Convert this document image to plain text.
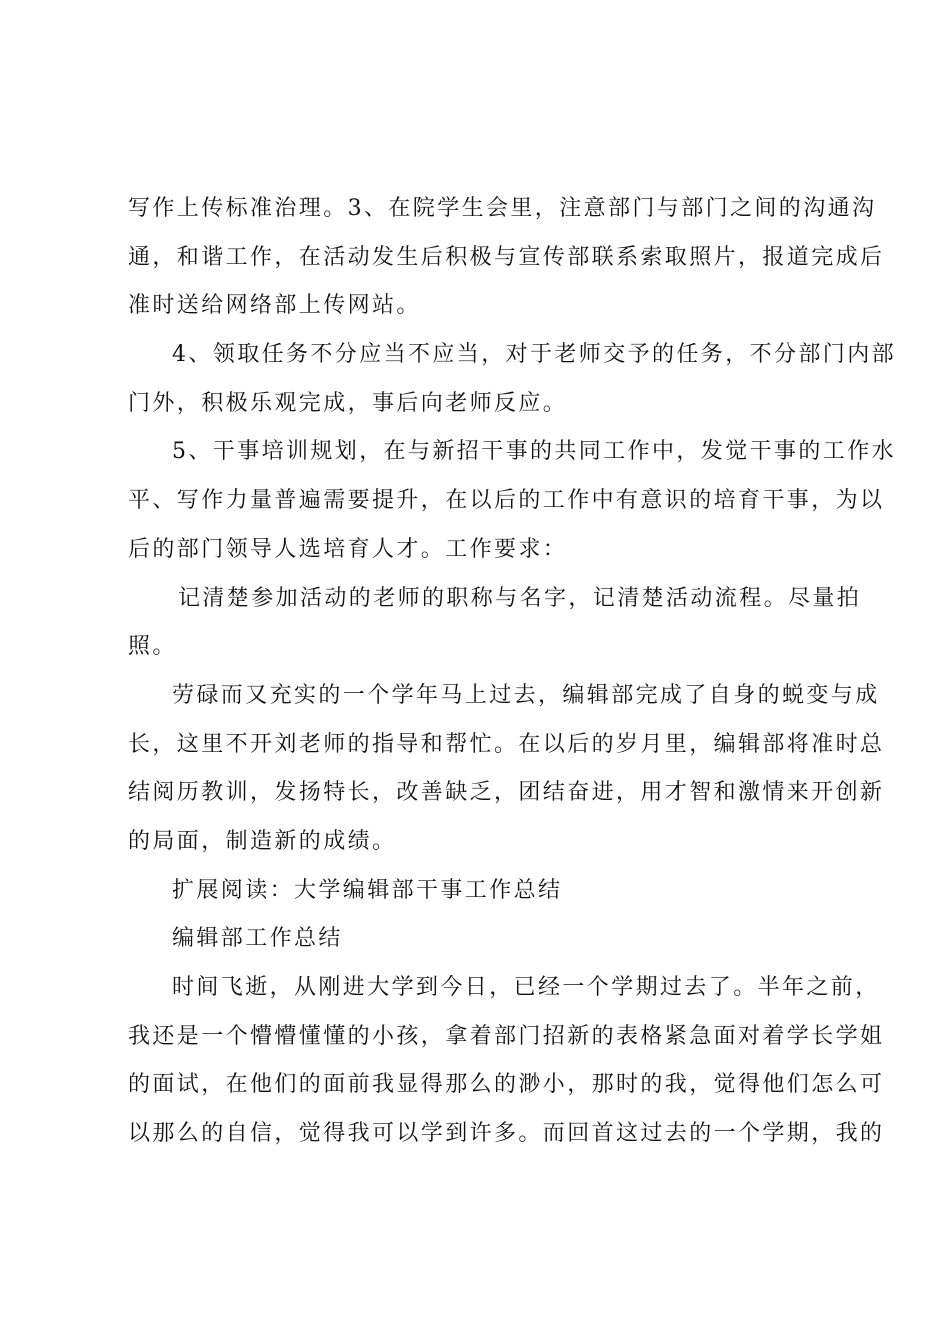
写作上传标准治理。3、在院学生会里，注意部门与部门之间的沟通沟
通，和谐工作，在活动发生后积极与宣传部联系索取照片，报道完成后
准时送给网络部上传网站。
4、领取任务不分应当不应当，对于老师交予的任务，不分部门内部
门外，积极乐观完成，事后向老师反应。
5、干事培训规划，在与新招干事的共同工作中，发觉干事的工作水
平、写作力量普遍需要提升，在以后的工作中有意识的培育干事，为以
后的部门领导人选培育人才。工作要求：
记清楚参加活动的老师的职称与名字，记清楚活动流程。尽量拍
照。
劳碌而又充实的一个学年马上过去，编辑部完成了自身的蜕变与成
长，这里不开刘老师的指导和帮忙。在以后的岁月里，编辑部将准时总
结阅历教训，发扬特长，改善缺乏，团结奋进，用才智和激情来开创新
的局面，制造新的成绩。
扩展阅读：大学编辑部干事工作总结
编辑部工作总结
时间飞逝，从刚进大学到今日，已经一个学期过去了。半年之前，
我还是一个懵懵懂懂的小孩，拿着部门招新的表格紧急面对着学长学姐
的面试，在他们的面前我显得那么的渺小，那时的我，觉得他们怎么可
以那么的自信，觉得我可以学到许多。而回首这过去的一个学期，我的
